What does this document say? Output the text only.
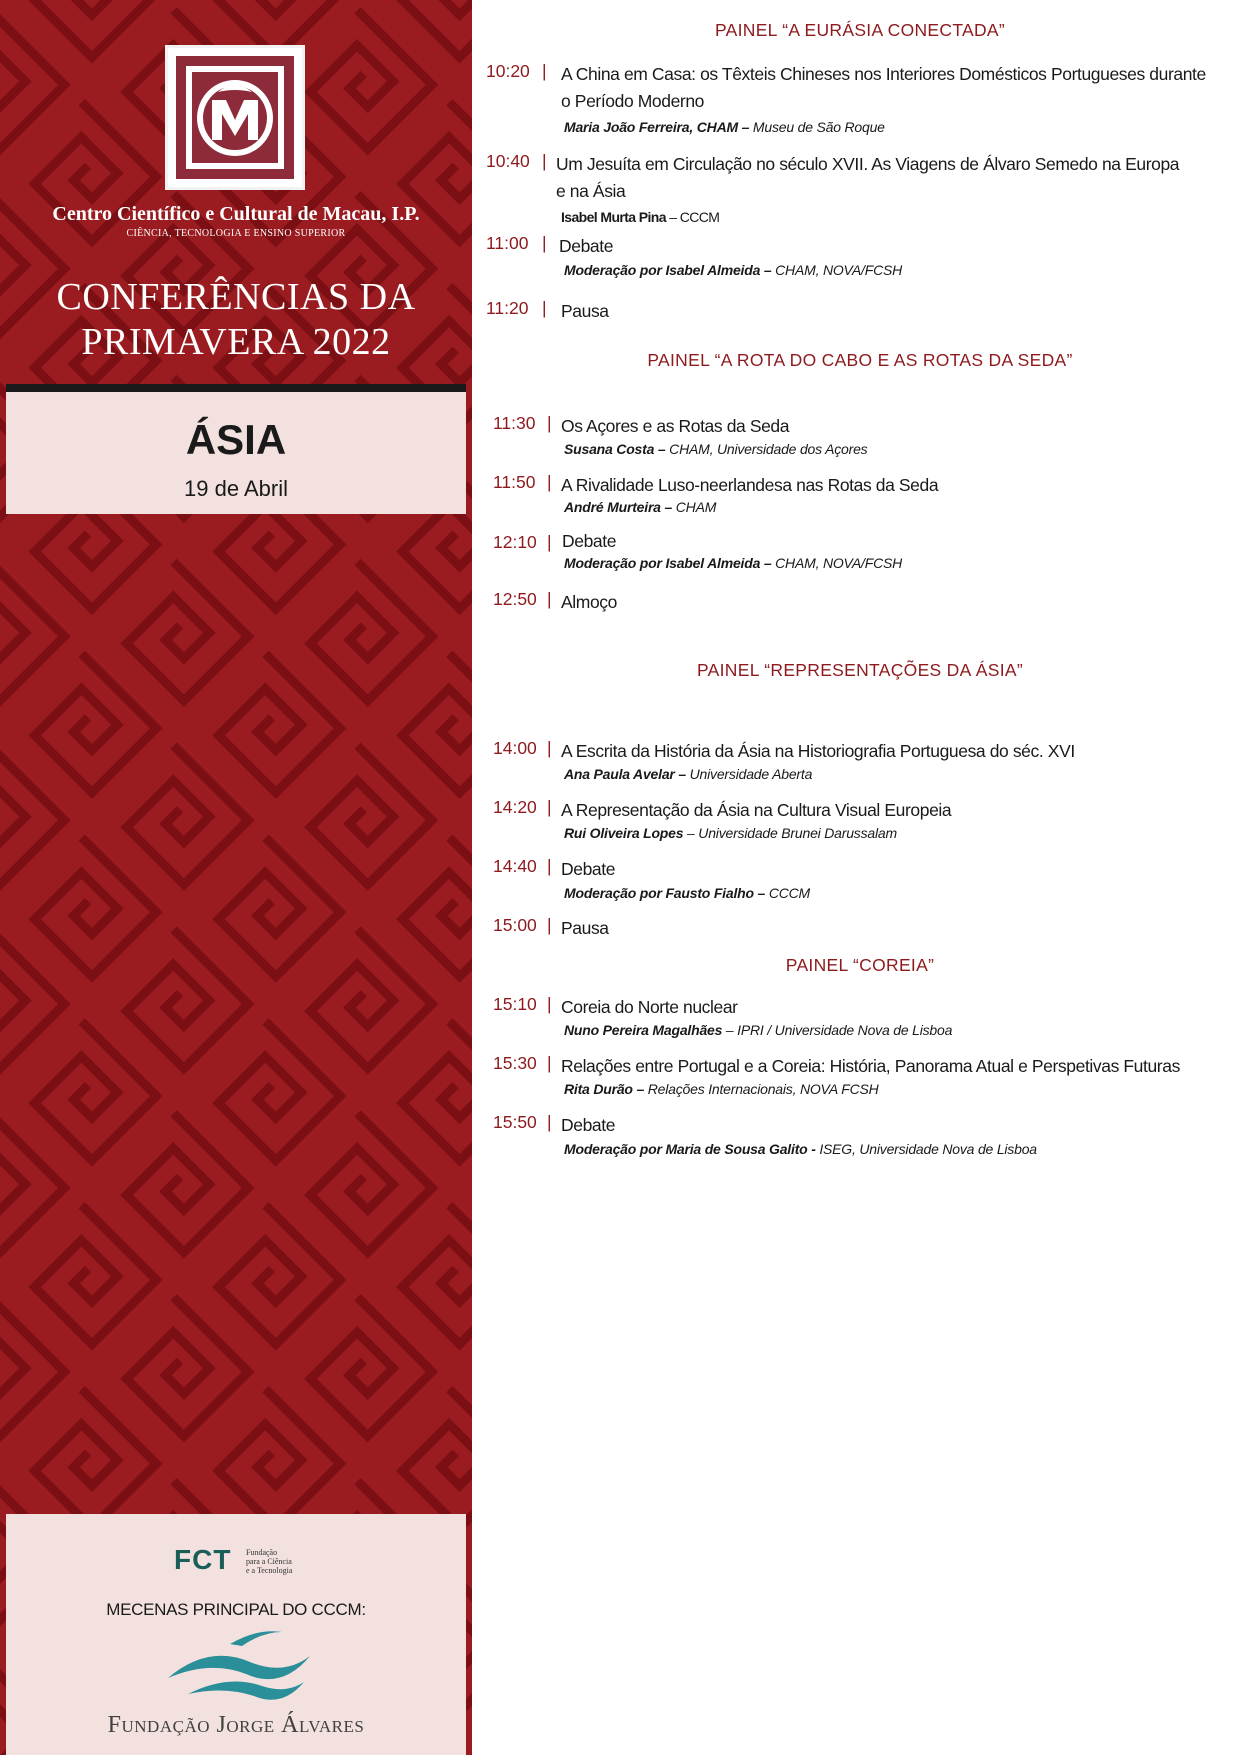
Centro Científico e Cultural de Macau, I.P.
CIÊNCIA, TECNOLOGIA E ENSINO SUPERIOR
CONFERÊNCIAS DA
PRIMAVERA 2022
ÁSIA
19 de Abril
FCT Fundação
para a Ciência
e a Tecnologia
MECENAS PRINCIPAL DO CCCM:
Fundação Jorge Álvares
PAINEL “A EURÁSIA CONECTADA”
10:20 | A China em Casa: os Têxteis Chineses nos Interiores Domésticos Portugueses durante
o Período Moderno
Maria João Ferreira, CHAM – Museu de São Roque
10:40 | Um Jesuíta em Circulação no século XVII. As Viagens de Álvaro Semedo na Europa
e na Ásia
Isabel Murta Pina – CCCM
11:00 | Debate
Moderação por Isabel Almeida – CHAM, NOVA/FCSH
11:20 | Pausa
PAINEL “A ROTA DO CABO E AS ROTAS DA SEDA”
11:30 | Os Açores e as Rotas da Seda
Susana Costa – CHAM, Universidade dos Açores
11:50 | A Rivalidade Luso-neerlandesa nas Rotas da Seda
André Murteira – CHAM
12:10 | Debate
Moderação por Isabel Almeida – CHAM, NOVA/FCSH
12:50 | Almoço
PAINEL “REPRESENTAÇÕES DA ÁSIA”
14:00 | A Escrita da História da Ásia na Historiografia Portuguesa do séc. XVI
Ana Paula Avelar – Universidade Aberta
14:20 | A Representação da Ásia na Cultura Visual Europeia
Rui Oliveira Lopes – Universidade Brunei Darussalam
14:40 | Debate
Moderação por Fausto Fialho – CCCM
15:00 | Pausa
PAINEL “COREIA”
15:10 | Coreia do Norte nuclear
Nuno Pereira Magalhães – IPRI / Universidade Nova de Lisboa
15:30 | Relações entre Portugal e a Coreia: História, Panorama Atual e Perspetivas Futuras
Rita Durão – Relações Internacionais, NOVA FCSH
15:50 | Debate
Moderação por Maria de Sousa Galito - ISEG, Universidade Nova de Lisboa
